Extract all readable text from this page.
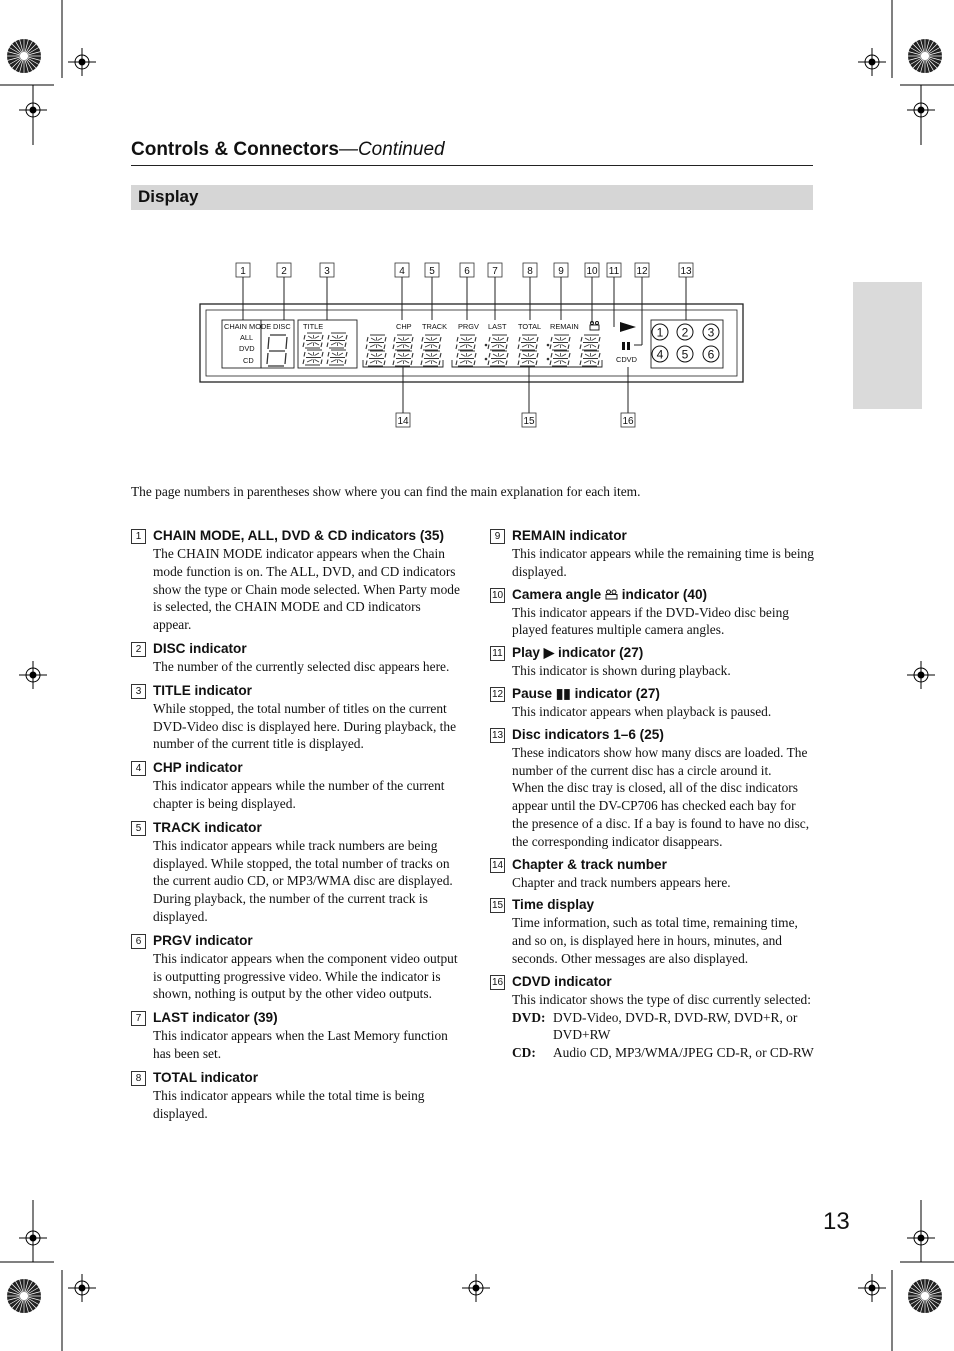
Controls & Connectors—Continued
Display
1	2	3	4 5	6 7	8	9 10 11 12	13
14	15	16
CHAIN MODE
ALL
DVD
CD
DISC TITLE	CHP TRACK PRGV LAST TOTAL REMAIN
CDVD
1 2 3
4 5 6
The page numbers in parentheses show where you can find the main explanation for each item.
1 CHAIN MODE, ALL, DVD & CD indicators (35)
The CHAIN MODE indicator appears when the Chain mode function is on. The ALL, DVD, and CD indicators show the type or Chain mode selected. When Party mode is selected, the CHAIN MODE and CD indicators appear.
2 DISC indicator
The number of the currently selected disc appears here.
3 TITLE indicator
While stopped, the total number of titles on the current DVD-Video disc is displayed here. During playback, the number of the current title is displayed.
4 CHP indicator
This indicator appears while the number of the current chapter is being displayed.
5 TRACK indicator
This indicator appears while track numbers are being displayed. While stopped, the total number of tracks on the current audio CD, or MP3/WMA disc are displayed. During playback, the number of the current track is displayed.
6 PRGV indicator
This indicator appears when the component video output is outputting progressive video. While the indicator is shown, nothing is output by the other video outputs.
7 LAST indicator (39)
This indicator appears when the Last Memory function has been set.
8 TOTAL indicator
This indicator appears while the total time is being displayed.
9 REMAIN indicator
This indicator appears while the remaining time is being displayed.
10 Camera angle  indicator (40)
This indicator appears if the DVD-Video disc being played features multiple camera angles.
11 Play ▶ indicator (27)
This indicator is shown during playback.
12 Pause ▮▮ indicator (27)
This indicator appears when playback is paused.
13 Disc indicators 1–6 (25)
These indicators show how many discs are loaded. The number of the current disc has a circle around it.
When the disc tray is closed, all of the disc indicators appear until the DV-CP706 has checked each bay for the presence of a disc. If a bay is found to have no disc, the corresponding indicator disappears.
14 Chapter & track number
Chapter and track numbers appears here.
15 Time display
Time information, such as total time, remaining time, and so on, is displayed here in hours, minutes, and seconds. Other messages are also displayed.
16 CDVD indicator
This indicator shows the type of disc currently selected:
DVD: DVD-Video, DVD-R, DVD-RW, DVD+R, or DVD+RW
CD:	Audio CD, MP3/WMA/JPEG CD-R, or CD-RW
13
